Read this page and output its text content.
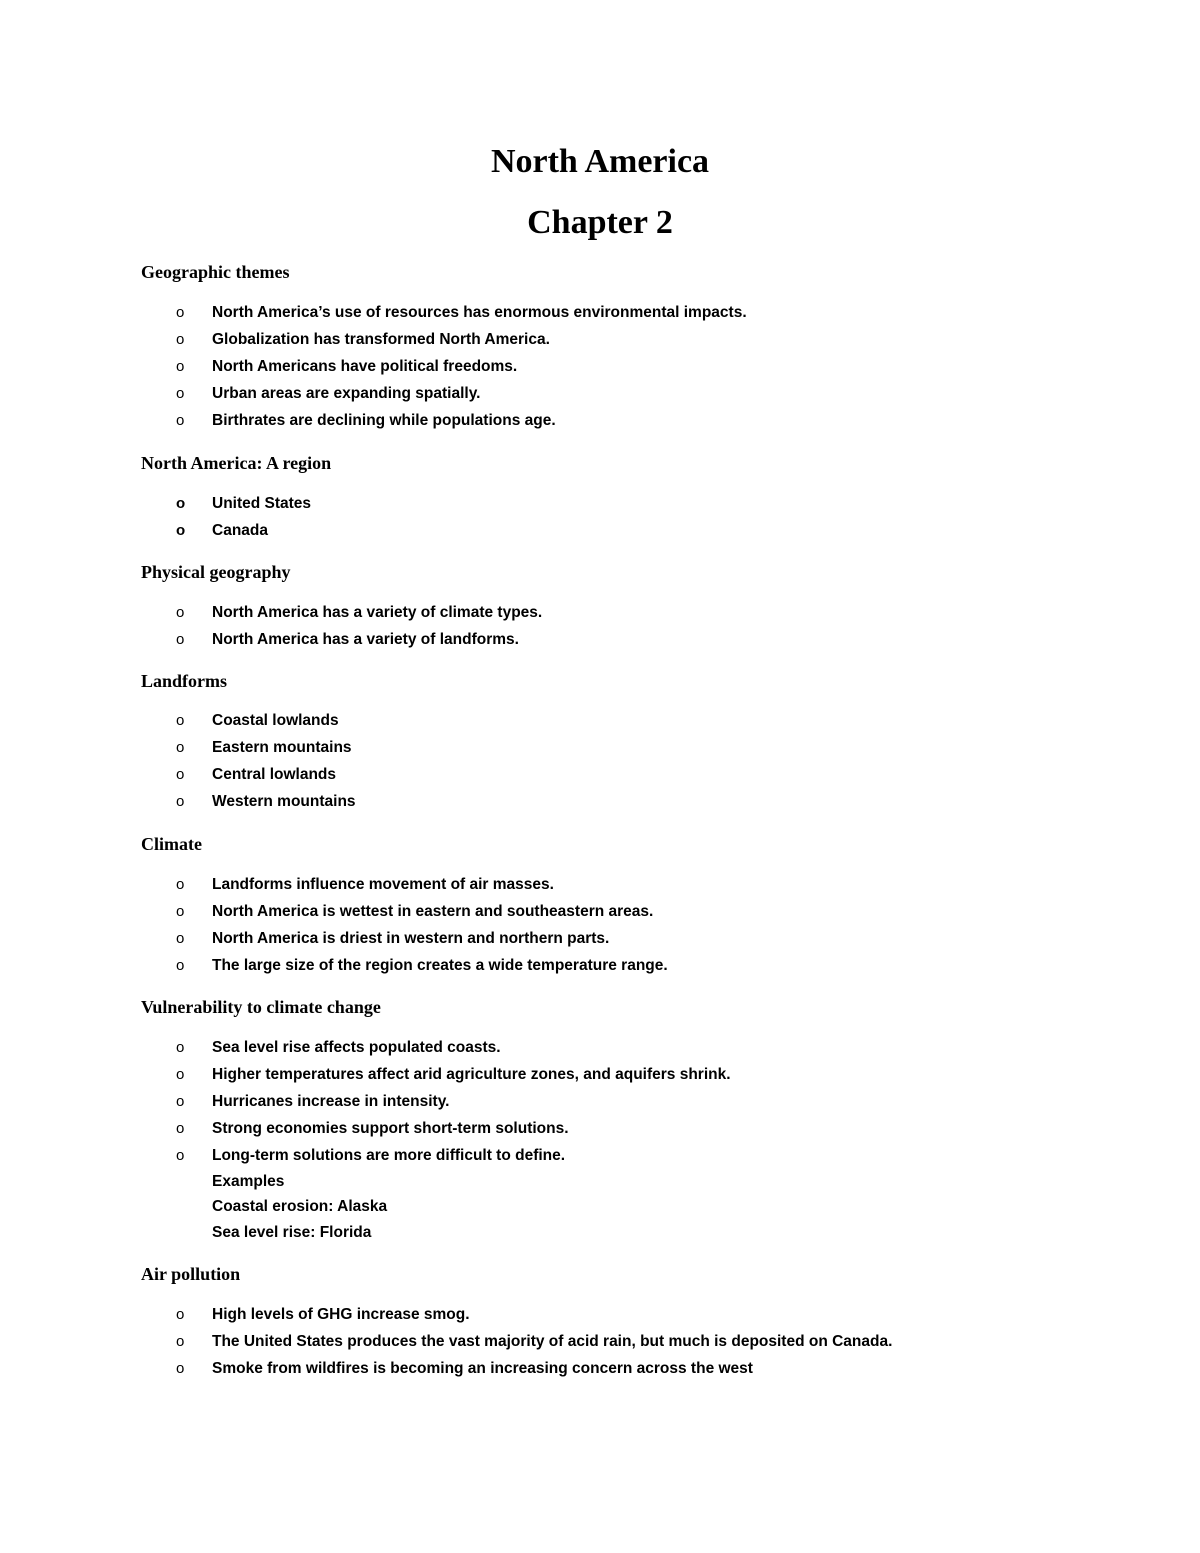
North America
Chapter 2
Geographic themes
o	North America’s use of resources has enormous environmental impacts.
o	Globalization has transformed North America.
o	North Americans have political freedoms.
o	Urban areas are expanding spatially.
o	Birthrates are declining while populations age.
North America: A region
o	United States
o	Canada
Physical geography
o	North America has a variety of climate types.
o	North America has a variety of landforms.
Landforms
o	Coastal lowlands
o	Eastern mountains
o	Central lowlands
o	Western mountains
Climate
o	Landforms influence movement of air masses.
o	North America is wettest in eastern and southeastern areas.
o	North America is driest in western and northern parts.
o	The large size of the region creates a wide temperature range.
Vulnerability to climate change
o	Sea level rise affects populated coasts.
o	Higher temperatures affect arid agriculture zones, and aquifers shrink.
o	Hurricanes increase in intensity.
o	Strong economies support short-term solutions.
o	Long-term solutions are more difficult to define.

Examples

Coastal erosion: Alaska

Sea level rise: Florida

Air pollution
o	High levels of GHG increase smog.
o	The United States produces the vast majority of acid rain, but much is deposited on Canada.
o	Smoke from wildfires is becoming an increasing concern across the west
